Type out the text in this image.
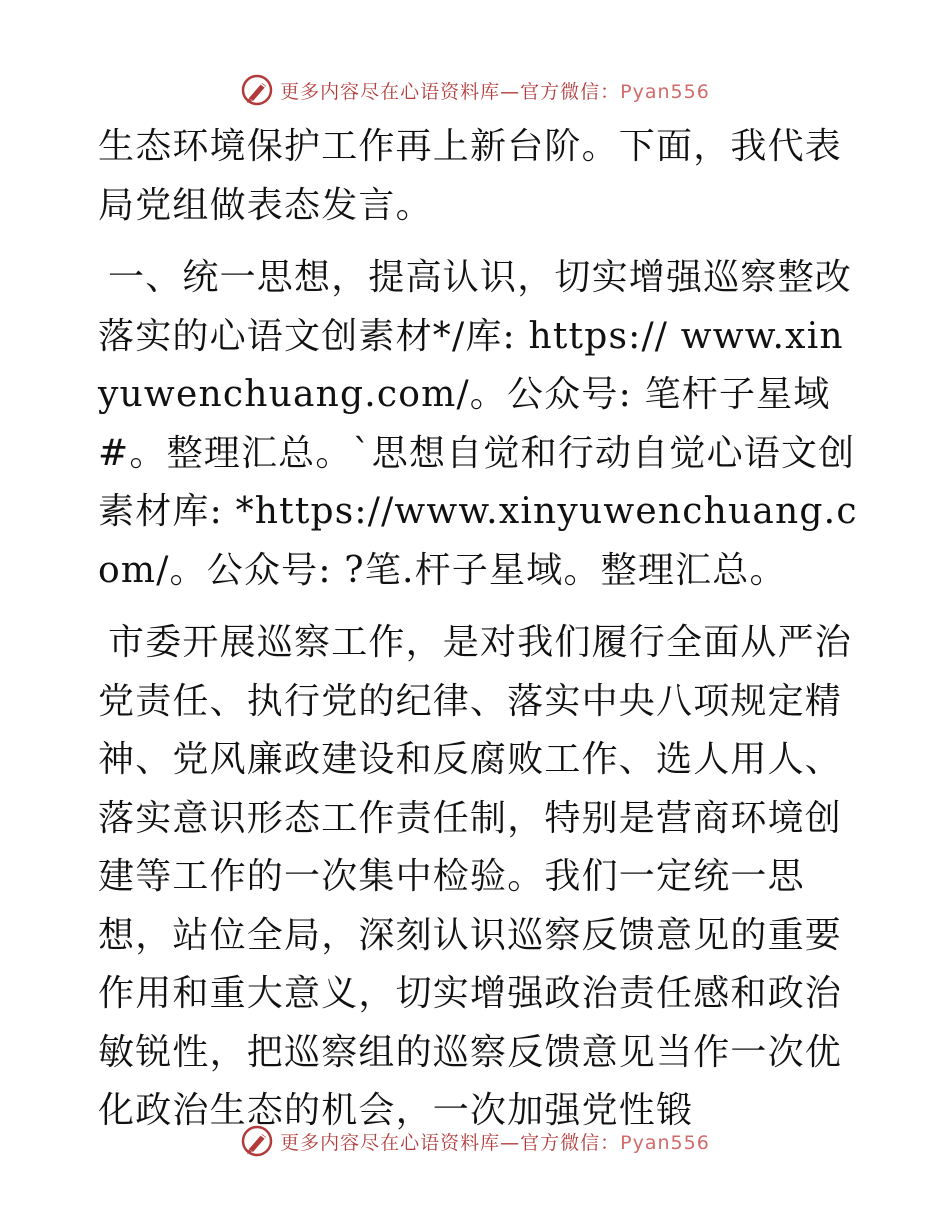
更多内容尽在心语资料库—官方微信：Pyan556

生态环境保护工作再上新台阶。下面，我代表局党组做表态发言。

一、统一思想，提高认识，切实增强巡察整改落实的心语文创素材*/库: https:// www.xinyuwenchuang.com/。公众号: 笔杆子星域#。整理汇总。`思想自觉和行动自觉心语文创素材库: *https://www.xinyuwenchuang.com/。公众号: ?笔.杆子星域。整理汇总。

市委开展巡察工作，是对我们履行全面从严治党责任、执行党的纪律、落实中央八项规定精神、党风廉政建设和反腐败工作、选人用人、落实意识形态工作责任制，特别是营商环境创建等工作的一次集中检验。我们一定统一思想，站位全局，深刻认识巡察反馈意见的重要作用和重大意义，切实增强政治责任感和政治敏锐性，把巡察组的巡察反馈意见当作一次优化政治生态的机会，一次加强党性锻

更多内容尽在心语资料库—官方微信：Pyan556
